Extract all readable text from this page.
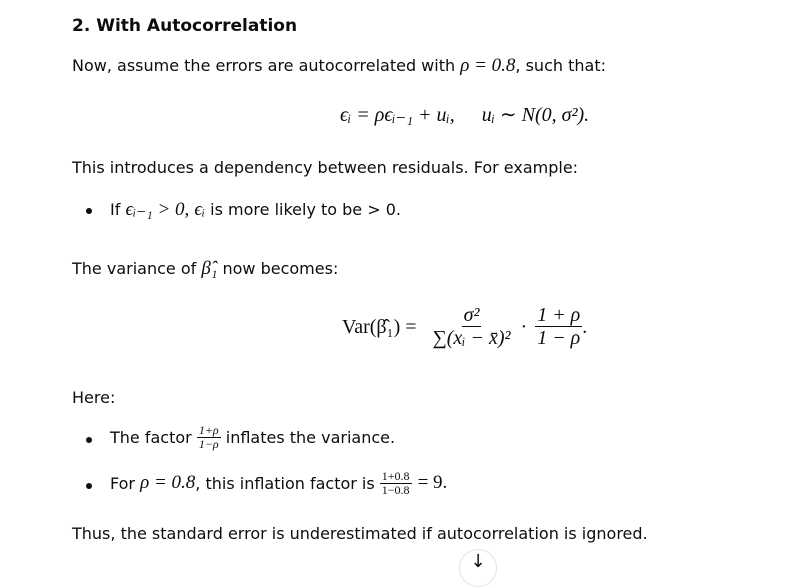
2. With Autocorrelation
Now, assume the errors are autocorrelated with ρ = 0.8, such that:
ϵᵢ = ρϵᵢ₋₁ + uᵢ, uᵢ ∼ N(0, σ²).
This introduces a dependency between residuals. For example:
If ϵᵢ₋₁ > 0, ϵᵢ is more likely to be > 0.
The variance of β̂₁ now becomes:
Var(β̂₁) = $\frac{\text{σ²}}{\text{∑(xᵢ − x̄)²}} \cdot \frac{1 + \rho}{1 - \rho}$ .
Here:
The factor $\frac{1+\rho}{1-\rho}$ inflates the variance.
For ρ = 0.8 , this inflation factor is $\frac{1+0.8}{1-0.8} = 9$.
Thus, the standard error is underestimated if autocorrelation is ignored.
↓
